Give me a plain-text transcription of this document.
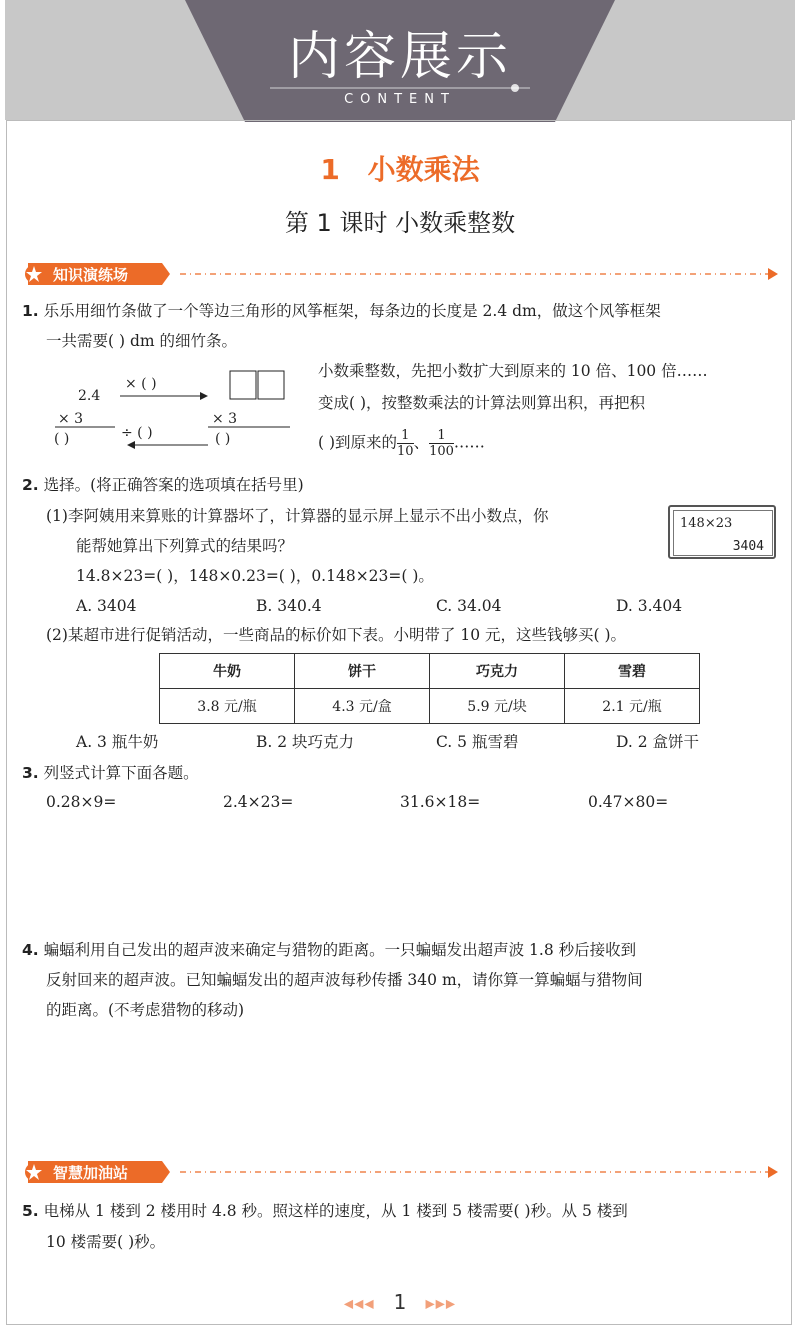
内容展示
CONTENT
1 小数乘法
第 1 课时 小数乘整数
知识演练场
1. 乐乐用细竹条做了一个等边三角形的风筝框架，每条边的长度是 2.4 dm，做这个风筝框架
一共需要( ) dm 的细竹条。
2.4
× ( )
× 3	× 3
( )	÷ ( )	( )
小数乘整数，先把小数扩大到原来的 10 倍、100 倍……
变成( )，按整数乘法的计算法则算出积，再把积
( )到原来的 $\frac{1}{10}$ 、 $\frac{1}{100}$ ……
2. 选择。(将正确答案的选项填在括号里)
(1)李阿姨用来算账的计算器坏了，计算器的显示屏上显示不出小数点，你
能帮她算出下列算式的结果吗？
148×23
3404
14.8×23=( )，148×0.23=( )，0.148×23=( )。
A. 3404	B. 340.4	C. 34.04	D. 3.404
(2)某超市进行促销活动，一些商品的标价如下表。小明带了 10 元，这些钱够买( )。
牛奶	饼干	巧克力	雪碧
3.8 元/瓶	4.3 元/盒	5.9 元/块	2.1 元/瓶
A. 3 瓶牛奶	B. 2 块巧克力	C. 5 瓶雪碧	D. 2 盒饼干
3. 列竖式计算下面各题。
0.28×9=	2.4×23=	31.6×18=	0.47×80=
4. 蝙蝠利用自己发出的超声波来确定与猎物的距离。一只蝙蝠发出超声波 1.8 秒后接收到
反射回来的超声波。已知蝙蝠发出的超声波每秒传播 340 m，请你算一算蝙蝠与猎物间
的距离。(不考虑猎物的移动)
智慧加油站
5. 电梯从 1 楼到 2 楼用时 4.8 秒。照这样的速度，从 1 楼到 5 楼需要( )秒。从 5 楼到
10 楼需要( )秒。
◀◀◀ 1 ▶▶▶
